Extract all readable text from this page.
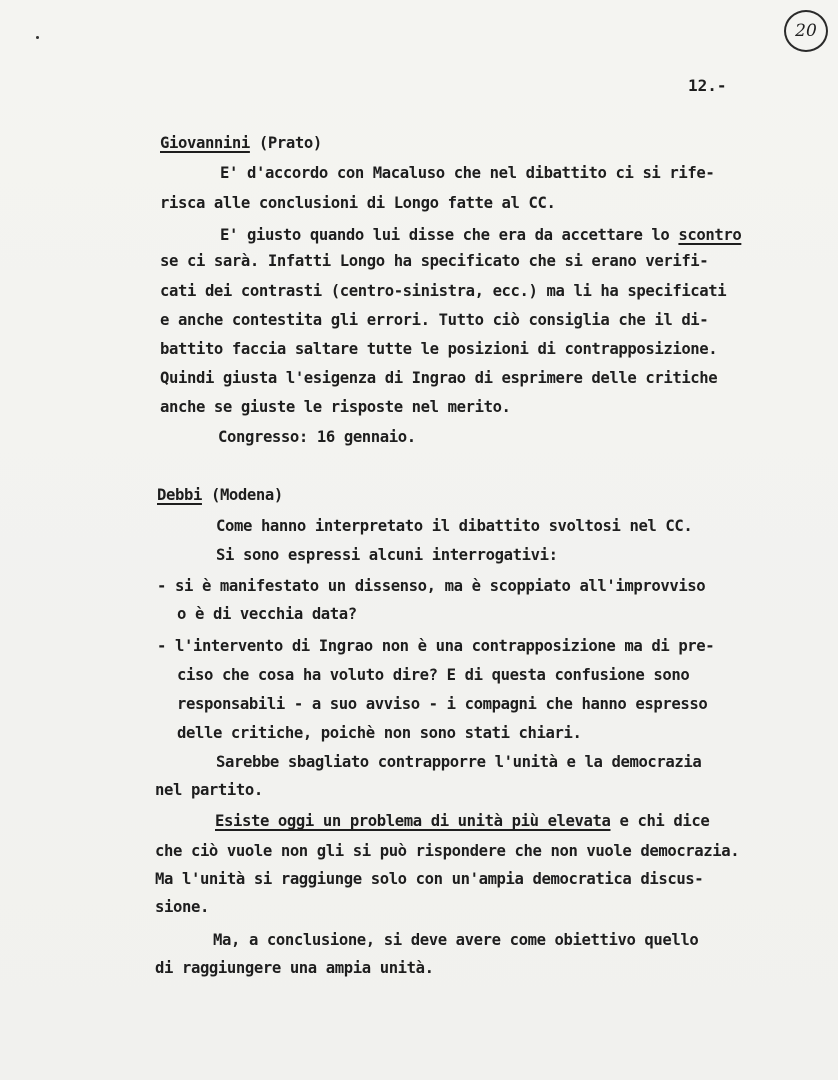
20
12.-
Giovannini (Prato)
E' d'accordo con Macaluso che nel dibattito ci si rife-
risca alle conclusioni di Longo fatte al CC.
E' giusto quando lui disse che era da accettare lo scontro
se ci sarà. Infatti Longo ha specificato che si erano verifi-
cati dei contrasti (centro-sinistra, ecc.) ma li ha specificati
e anche contestita gli errori. Tutto ciò consiglia che il di-
battito faccia saltare tutte le posizioni di contrapposizione.
Quindi giusta l'esigenza di Ingrao di esprimere delle critiche
anche se giuste le risposte nel merito.
Congresso: 16 gennaio.
Debbi (Modena)
Come hanno interpretato il dibattito svoltosi nel CC.
Si sono espressi alcuni interrogativi:
- si è manifestato un dissenso, ma è scoppiato all'improvviso
o è di vecchia data?
- l'intervento di Ingrao non è una contrapposizione ma di pre-
ciso che cosa ha voluto dire? E di questa confusione sono
responsabili - a suo avviso - i compagni che hanno espresso
delle critiche, poichè non sono stati chiari.
Sarebbe sbagliato contrapporre l'unità e la democrazia
nel partito.
Esiste oggi un problema di unità più elevata e chi dice
che ciò vuole non gli si può rispondere che non vuole democrazia.
Ma l'unità si raggiunge solo con un'ampia democratica discus-
sione.
Ma, a conclusione, si deve avere come obiettivo quello
di raggiungere una ampia unità.
